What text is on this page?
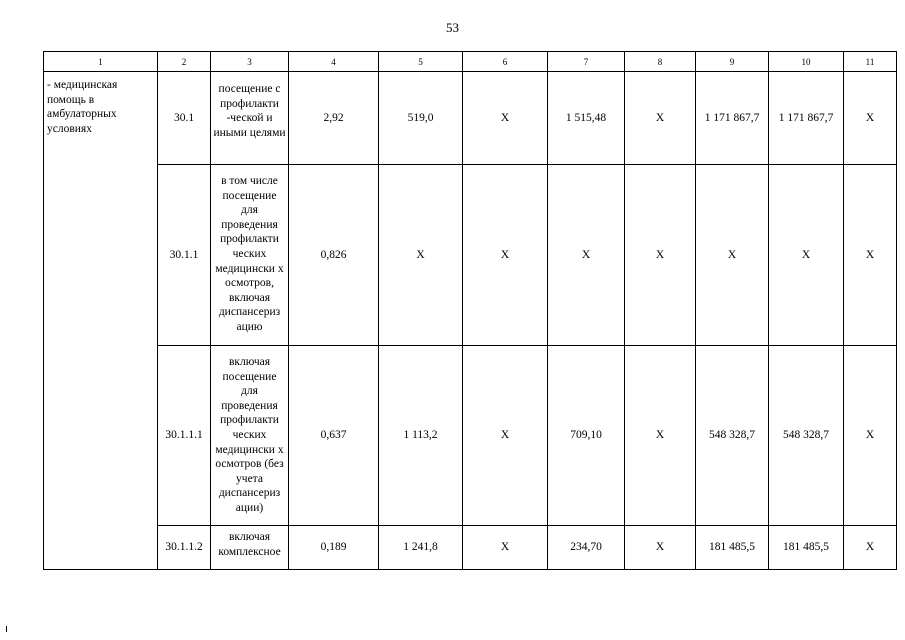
53
1	2	3	4	5	6	7	8	9	10	11
- медицинская помощь в амбулаторных условиях	30.1	посещение с профилакти -ческой и иными целями	2,92	519,0	Х	1 515,48	Х	1 171 867,7	1 171 867,7	Х
	30.1.1	в том числе посещение для проведения профилакти ческих медицински х осмотров, включая диспансериз ацию	0,826	Х	Х	Х	Х	Х	Х	Х
	30.1.1.1	включая посещение для проведения профилакти ческих медицински х осмотров (без учета диспансериз ации)	0,637	1 113,2	Х	709,10	Х	548 328,7	548 328,7	Х
	30.1.1.2	включая комплексное	0,189	1 241,8	Х	234,70	Х	181 485,5	181 485,5	Х
